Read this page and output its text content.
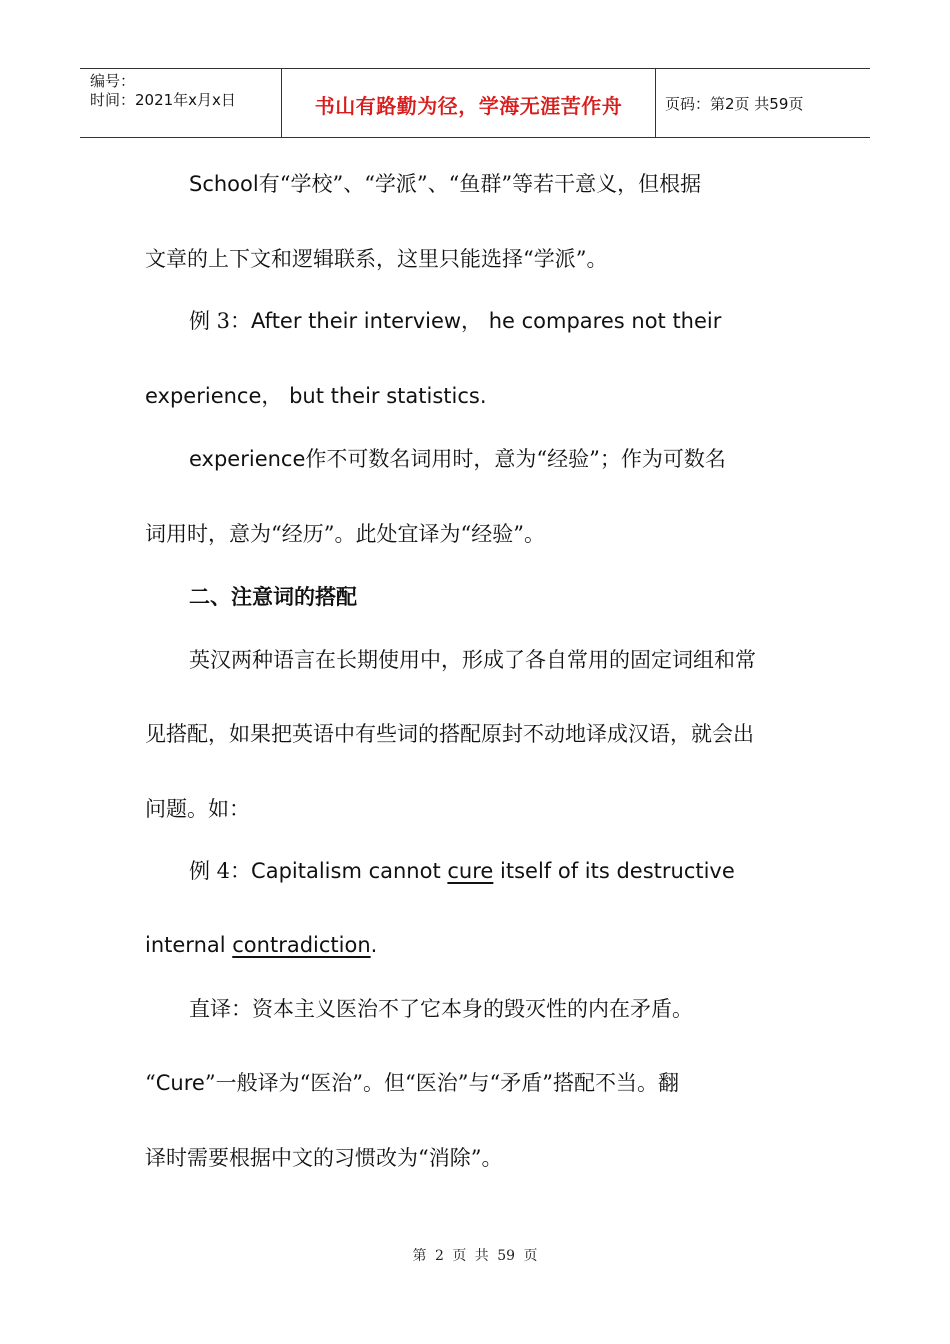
编号：
时间：2021年x月x日	书山有路勤为径，学海无涯苦作舟	页码：第2页 共59页
School有“学校”、“学派”、“鱼群”等若干意义，但根据
文章的上下文和逻辑联系，这里只能选择“学派”。
例 3：After their interview， he compares not their
experience， but their statistics.
experience作不可数名词用时，意为“经验”；作为可数名
词用时，意为“经历”。此处宜译为“经验”。
二、注意词的搭配
英汉两种语言在长期使用中，形成了各自常用的固定词组和常
见搭配，如果把英语中有些词的搭配原封不动地译成汉语，就会出
问题。如：
例 4：Capitalism cannot cure itself of its destructive
internal contradiction.
直译：资本主义医治不了它本身的毁灭性的内在矛盾。
“Cure”一般译为“医治”。但“医治”与“矛盾”搭配不当。翻
译时需要根据中文的习惯改为“消除”。
第 2 页 共 59 页
